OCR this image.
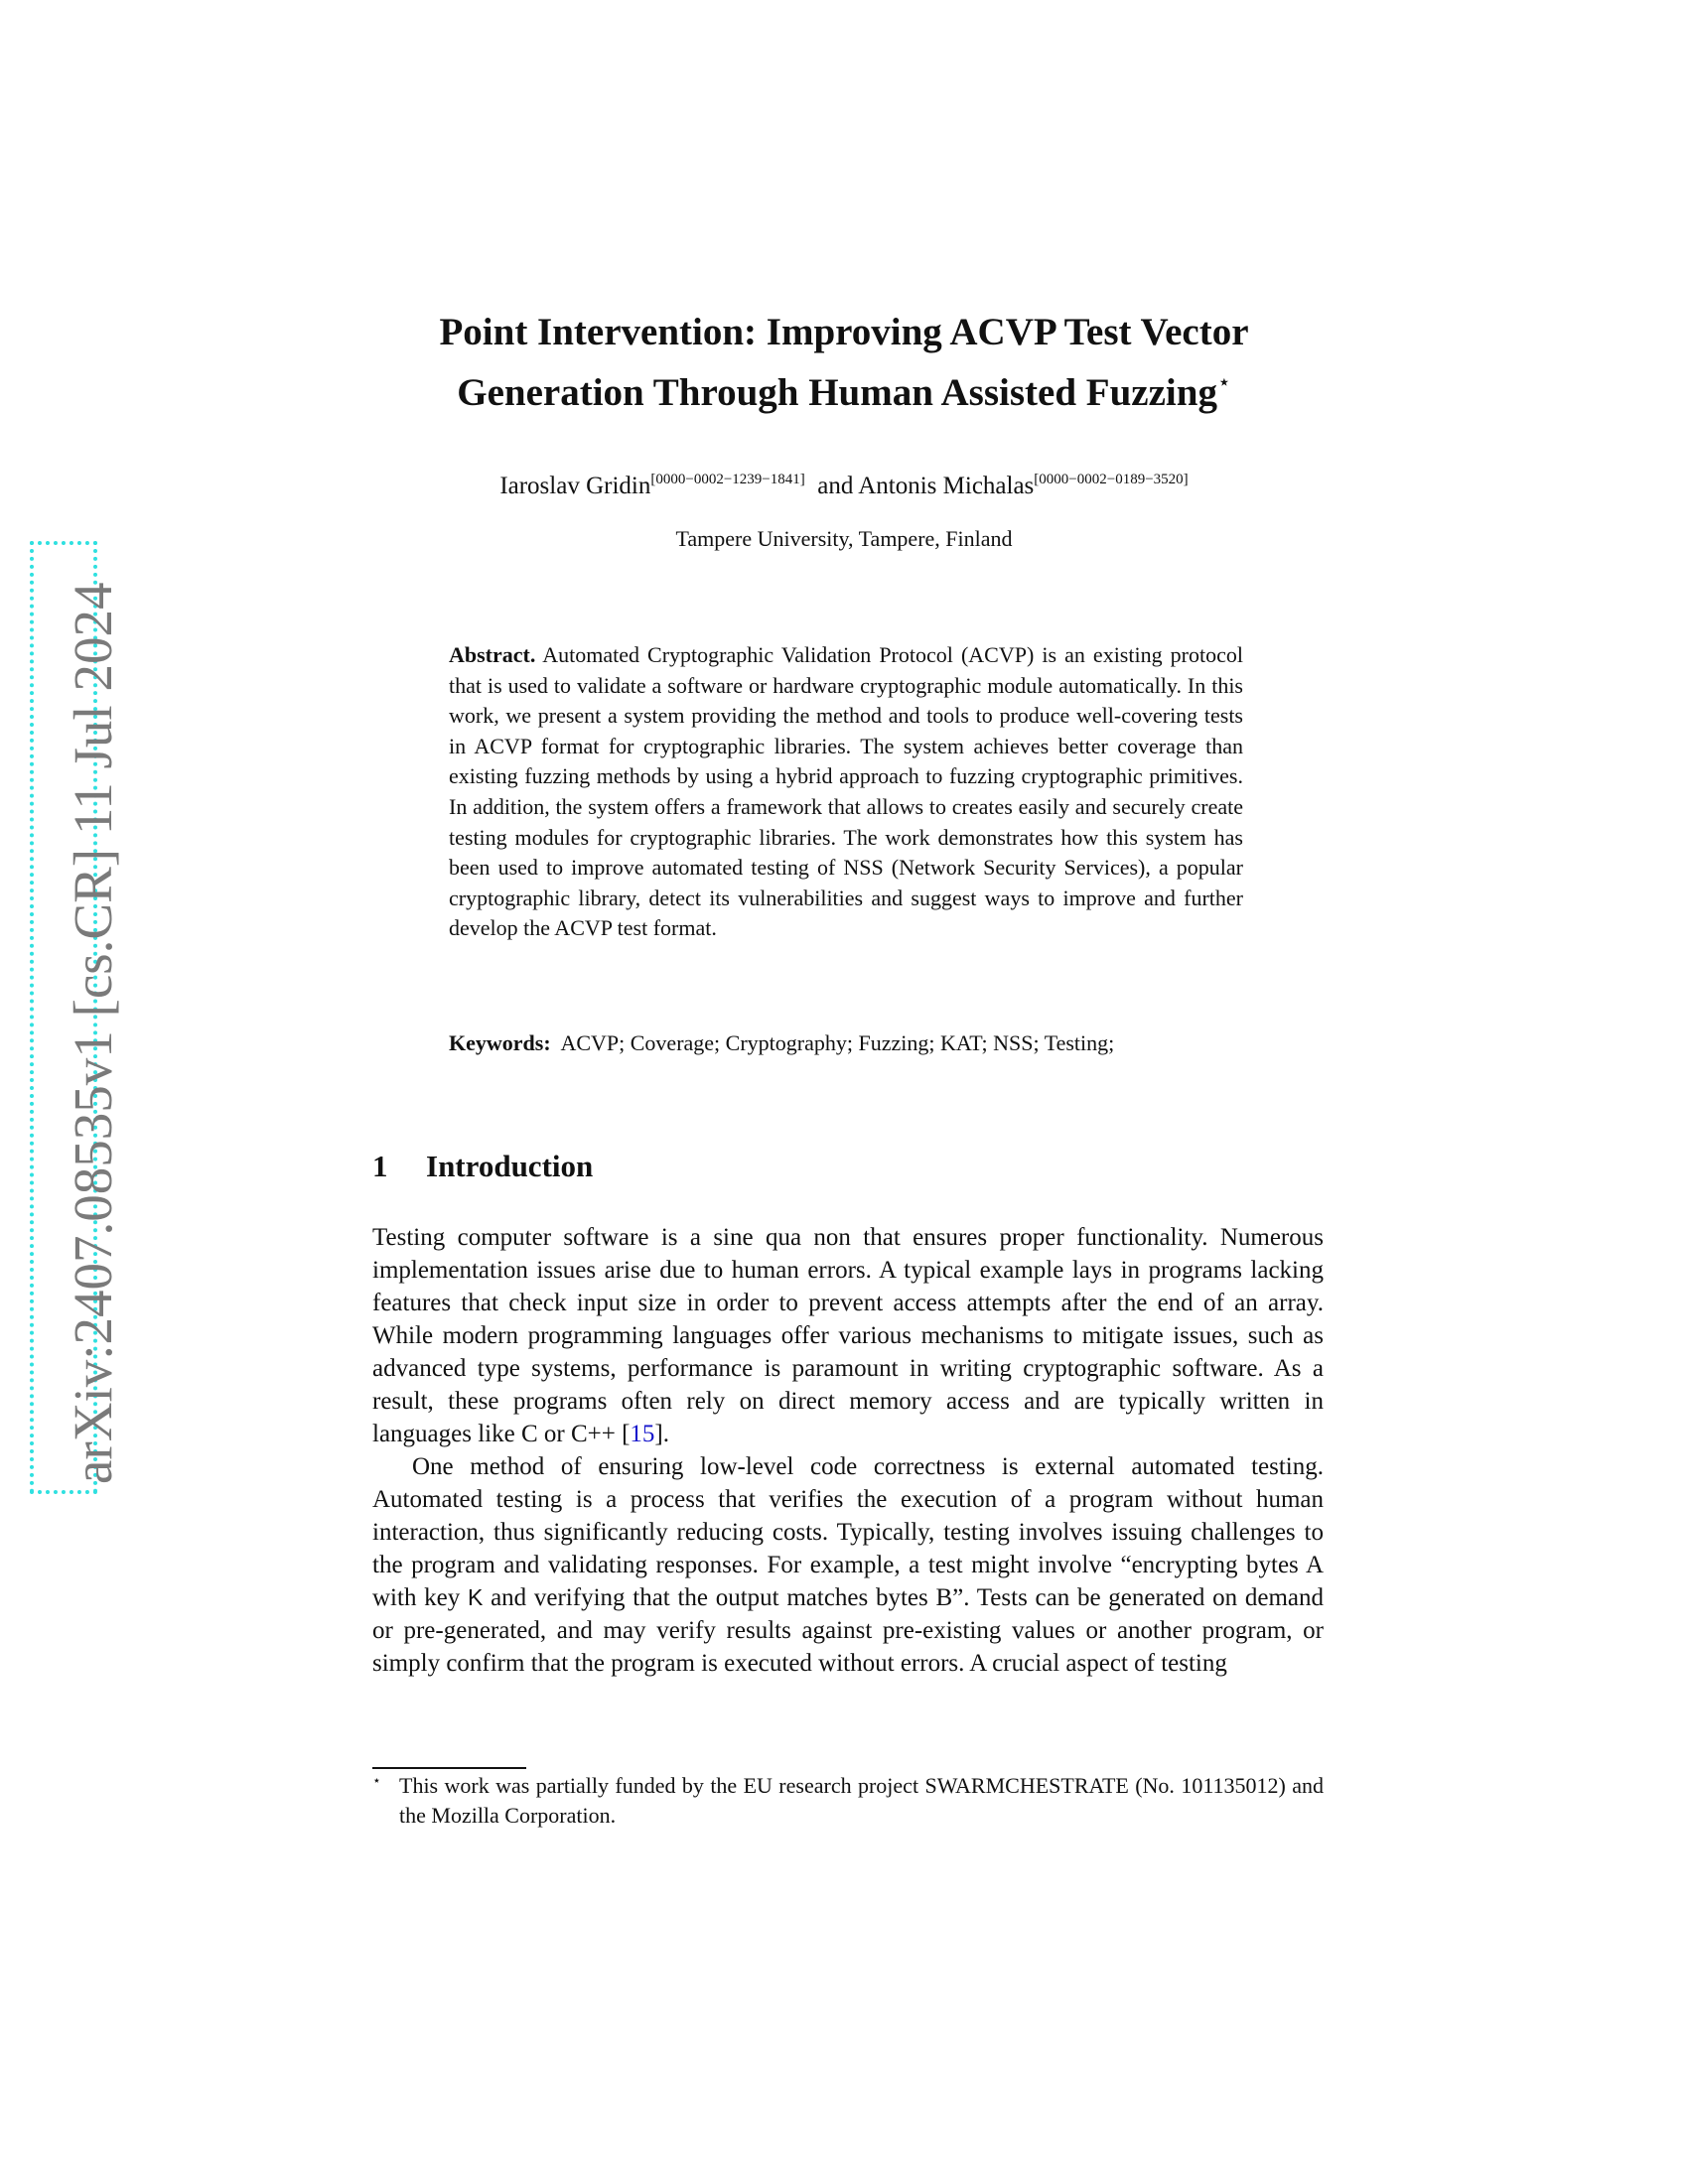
arXiv:2407.08535v1 [cs.CR] 11 Jul 2024
Point Intervention: Improving ACVP Test Vector
Generation Through Human Assisted Fuzzing⋆
Iaroslav Gridin[0000−0002−1239−1841] and Antonis Michalas[0000−0002−0189−3520]
Tampere University, Tampere, Finland
Abstract. Automated Cryptographic Validation Protocol (ACVP) is an existing protocol that is used to validate a software or hardware cryptographic module automatically. In this work, we present a system providing the method and tools to produce well-covering tests in ACVP format for cryptographic libraries. The system achieves better coverage than existing fuzzing methods by using a hybrid approach to fuzzing cryptographic primitives. In addition, the system offers a framework that allows to creates easily and securely create testing modules for cryptographic libraries. The work demonstrates how this system has been used to improve automated testing of NSS (Network Security Services), a popular cryptographic library, detect its vulnerabilities and suggest ways to improve and further develop the ACVP test format.
Keywords: ACVP; Coverage; Cryptography; Fuzzing; KAT; NSS; Testing;
1 Introduction

Testing computer software is a sine qua non that ensures proper functionality. Numerous implementation issues arise due to human errors. A typical example lays in programs lacking features that check input size in order to prevent access attempts after the end of an array. While modern programming languages offer various mechanisms to mitigate issues, such as advanced type systems, performance is paramount in writing cryptographic software. As a result, these programs often rely on direct memory access and are typically written in languages like C or C++ [15].

One method of ensuring low-level code correctness is external automated testing. Automated testing is a process that verifies the execution of a program without human interaction, thus significantly reducing costs. Typically, testing involves issuing challenges to the program and validating responses. For example, a test might involve “encrypting bytes A with key K and verifying that the output matches bytes B”. Tests can be generated on demand or pre-generated, and may verify results against pre-existing values or another program, or simply confirm that the program is executed without errors. A crucial aspect of testing

⋆ This work was partially funded by the EU research project SWARMCHESTRATE (No. 101135012) and the Mozilla Corporation.
